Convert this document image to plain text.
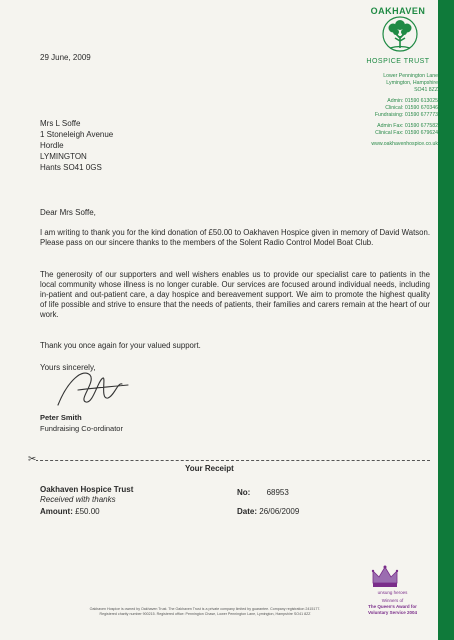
OAKHAVEN
HOSPICE TRUST
Lower Pennington Lane
Lymington, Hampshire
SO41 8ZZ
Admin: 01590 613025
Clinical: 01590 670346
Fundraising: 01590 677773
Admin Fax: 01590 677582
Clinical Fax: 01590 679624
www.oakhavenhospice.co.uk
29 June, 2009
Mrs L Soffe
1 Stoneleigh Avenue
Hordle
LYMINGTON
Hants SO41 0GS
Dear Mrs Soffe,
I am writing to thank you for the kind donation of £50.00 to Oakhaven Hospice given in memory of David Watson. Please pass on our sincere thanks to the members of the Solent Radio Control Model Boat Club.
The generosity of our supporters and well wishers enables us to provide our specialist care to patients in the local community whose illness is no longer curable. Our services are focused around individual needs, including in-patient and out-patient care, a day hospice and bereavement support. We aim to promote the highest quality of life possible and strive to ensure that the needs of patients, their families and carers remain at the heart of our work.
Thank you once again for your valued support.
Yours sincerely,
Peter Smith
Fundraising Co-ordinator
✂
Your Receipt
Oakhaven Hospice Trust
Received with thanks
Amount: £50.00
No: 68953
Date: 26/06/2009
unsung heroes
Winners of
The Queen's Award for
Voluntary Service 2004
Oakhaven Hospice is owned by Oakhaven Trust. The Oakhaven Trust is a private company limited by guarantee. Company registration 2415177.
Registered charity number 900215. Registered office: Pennington Chase, Lower Pennington Lane, Lymington, Hampshire SO41 8ZZ
